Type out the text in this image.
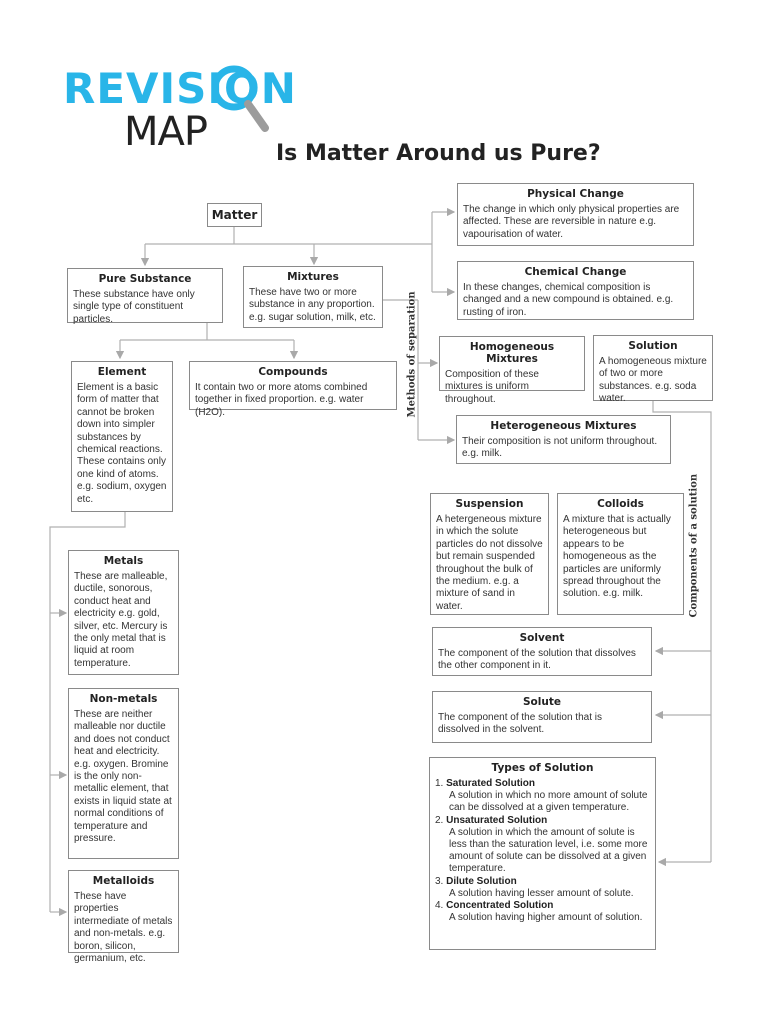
REVISION
MAP	Is Matter Around us Pure?
Matter
Pure Substance
These substance have only single type of constituent particles.
Mixtures
These have two or more substance in any proportion. e.g. sugar solution, milk, etc.
Physical Change
The change in which only physical properties are affected. These are reversible in nature e.g. vapourisation of water.
Chemical Change
In these changes, chemical composition is changed and a new compound is obtained. e.g. rusting of iron.
Element
Element is a basic form of matter that cannot be broken down into simpler substances by chemical reactions. These contains only one kind of atoms. e.g. sodium, oxygen etc.
Compounds
It contain two or more atoms combined together in fixed proportion. e.g. water (H2O).	Methods of separation	Homogeneous Mixtures
Composition of these mixtures is uniform throughout.
Solution
A homogeneous mixture of two or more substances. e.g. soda water.
Heterogeneous Mixtures
Their composition is not uniform throughout. e.g. milk.
Suspension
A hetergeneous mixture in which the solute particles do not dissolve but remain suspended throughout the bulk of the medium. e.g. a mixture of sand in water.
Colloids
A mixture that is actually heterogeneous but appears to be homogeneous as the particles are uniformly spread throughout the solution. e.g. milk.	Components of a solution
Metals
These are malleable, ductile, sonorous, conduct heat and electricity e.g. gold, silver, etc. Mercury is the only metal that is liquid at room temperature.
Non-metals
These are neither malleable nor ductile and does not conduct heat and electricity. e.g. oxygen. Bromine is the only non-metallic element, that exists in liquid state at normal conditions of temperature and pressure.
Metalloids
These have properties intermediate of metals and non-metals. e.g. boron, silicon, germanium, etc.
Solvent
The component of the solution that dissolves the other component in it.
Solute
The component of the solution that is dissolved in the solvent.
Types of Solution
1. Saturated Solution
A solution in which no more amount of solute can be dissolved at a given temperature.
2. Unsaturated Solution
A solution in which the amount of solute is less than the saturation level, i.e. some more amount of solute can be dissolved at a given temperature.
3. Dilute Solution
A solution having lesser amount of solute.
4. Concentrated Solution
A solution having higher amount of solution.
